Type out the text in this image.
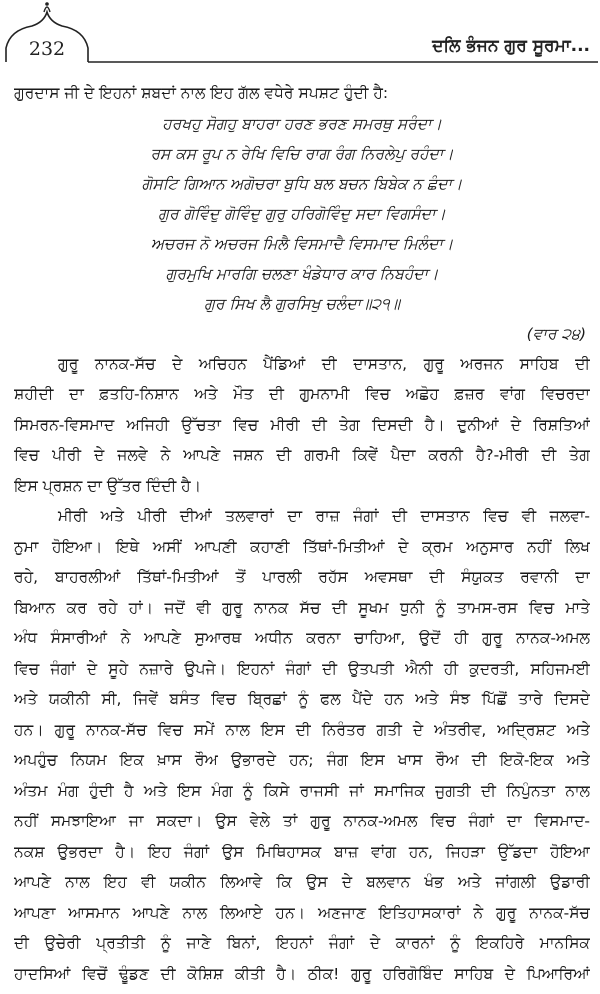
232	ਦਲਿ ਭੰਜਨ ਗੁਰ ਸੂਰਮਾ...
ਗੁਰਦਾਸ ਜੀ ਦੇ ਇਹਨਾਂ ਸ਼ਬਦਾਂ ਨਾਲ ਇਹ ਗੱਲ ਵਧੇਰੇ ਸਪਸ਼ਟ ਹੁੰਦੀ ਹੈ:
ਹਰਖਹੁ ਸੋਗਹੁ ਬਾਹਰਾ ਹਰਣ ਭਰਣ ਸਮਰਥੁ ਸਰੰਦਾ।
ਰਸ ਕਸ ਰੂਪ ਨ ਰੇਖਿ ਵਿਚਿ ਰਾਗ ਰੰਗ ਨਿਰਲੇਪੁ ਰਹੰਦਾ।
ਗੋਸਟਿ ਗਿਆਨ ਅਗੋਚਰਾ ਬੁਧਿ ਬਲ ਬਚਨ ਬਿਬੇਕ ਨ ਛੰਦਾ।
ਗੁਰ ਗੋਵਿੰਦੁ ਗੋਵਿੰਦੁ ਗੁਰੁ ਹਰਿਗੋਵਿੰਦੁ ਸਦਾ ਵਿਗਸੰਦਾ।
ਅਚਰਜ ਨੋ ਅਚਰਜ ਮਿਲੈ ਵਿਸਮਾਦੈ ਵਿਸਮਾਦ ਮਿਲੰਦਾ।
ਗੁਰਮੁਖਿ ਮਾਰਗਿ ਚਲਣਾ ਖੰਡੇਧਾਰ ਕਾਰ ਨਿਬਹੰਦਾ।
ਗੁਰ ਸਿਖ ਲੈ ਗੁਰਸਿਖੁ ਚਲੰਦਾ॥੨੧॥
(ਵਾਰ ੨੪)
ਗੁਰੂ ਨਾਨਕ-ਸੱਚ ਦੇ ਅਚਿਹਨ ਪੈਂਡਿਆਂ ਦੀ ਦਾਸਤਾਨ, ਗੁਰੂ ਅਰਜਨ ਸਾਹਿਬ ਦੀ
ਸ਼ਹੀਦੀ ਦਾ ਫ਼ਤਹਿ-ਨਿਸ਼ਾਨ ਅਤੇ ਮੌਤ ਦੀ ਗੁਮਨਾਮੀ ਵਿਚ ਅਛੋਹ ਫ਼ਜ਼ਰ ਵਾਂਗ ਵਿਚਰਦਾ
ਸਿਮਰਨ-ਵਿਸਮਾਦ ਅਜਿਹੀ ਉੱਚਤਾ ਵਿਚ ਮੀਰੀ ਦੀ ਤੇਗ ਦਿਸਦੀ ਹੈ। ਦੁਨੀਆਂ ਦੇ ਰਿਸ਼ਤਿਆਂ
ਵਿਚ ਪੀਰੀ ਦੇ ਜਲਵੇ ਨੇ ਆਪਣੇ ਜਸ਼ਨ ਦੀ ਗਰਮੀ ਕਿਵੇਂ ਪੈਦਾ ਕਰਨੀ ਹੈ?-ਮੀਰੀ ਦੀ ਤੇਗ
ਇਸ ਪ੍ਰਸ਼ਨ ਦਾ ਉੱਤਰ ਦਿੰਦੀ ਹੈ।
ਮੀਰੀ ਅਤੇ ਪੀਰੀ ਦੀਆਂ ਤਲਵਾਰਾਂ ਦਾ ਰਾਜ਼ ਜੰਗਾਂ ਦੀ ਦਾਸਤਾਨ ਵਿਚ ਵੀ ਜਲਵਾ-
ਨੁਮਾ ਹੋਇਆ। ਇਥੇ ਅਸੀਂ ਆਪਣੀ ਕਹਾਣੀ ਤਿੱਥਾਂ-ਮਿਤੀਆਂ ਦੇ ਕ੍ਰਮ ਅਨੁਸਾਰ ਨਹੀਂ ਲਿਖ
ਰਹੇ, ਬਾਹਰਲੀਆਂ ਤਿੱਥਾਂ-ਮਿਤੀਆਂ ਤੋਂ ਪਾਰਲੀ ਰਹੱਸ ਅਵਸਥਾ ਦੀ ਸੰਯੁਕਤ ਰਵਾਨੀ ਦਾ
ਬਿਆਨ ਕਰ ਰਹੇ ਹਾਂ। ਜਦੋਂ ਵੀ ਗੁਰੂ ਨਾਨਕ ਸੱਚ ਦੀ ਸੂਖਮ ਧੁਨੀ ਨੂੰ ਤਾਮਸ-ਰਸ ਵਿਚ ਮਾਤੇ
ਅੰਧ ਸੰਸਾਰੀਆਂ ਨੇ ਆਪਣੇ ਸੁਆਰਥ ਅਧੀਨ ਕਰਨਾ ਚਾਹਿਆ, ਉਦੋਂ ਹੀ ਗੁਰੂ ਨਾਨਕ-ਅਮਲ
ਵਿਚ ਜੰਗਾਂ ਦੇ ਸੂਹੇ ਨਜ਼ਾਰੇ ਉਪਜੇ। ਇਹਨਾਂ ਜੰਗਾਂ ਦੀ ਉਤਪਤੀ ਐਨੀ ਹੀ ਕੁਦਰਤੀ, ਸਹਿਜਮਈ
ਅਤੇ ਯਕੀਨੀ ਸੀ, ਜਿਵੇਂ ਬਸੰਤ ਵਿਚ ਬ੍ਰਿਛਾਂ ਨੂੰ ਫਲ ਪੈਂਦੇ ਹਨ ਅਤੇ ਸੰਝ ਪਿੱਛੋਂ ਤਾਰੇ ਦਿਸਦੇ
ਹਨ। ਗੁਰੂ ਨਾਨਕ-ਸੱਚ ਵਿਚ ਸਮੇਂ ਨਾਲ ਇਸ ਦੀ ਨਿਰੰਤਰ ਗਤੀ ਦੇ ਅੰਤਰੀਵ, ਅਦ੍ਰਿਸ਼ਟ ਅਤੇ
ਅਪਹੁੰਚ ਨਿਯਮ ਇਕ ਖ਼ਾਸ ਰੌਅ ਉਭਾਰਦੇ ਹਨ; ਜੰਗ ਇਸ ਖਾਸ ਰੌਅ ਦੀ ਇਕੋ-ਇਕ ਅਤੇ
ਅੰਤਮ ਮੰਗ ਹੁੰਦੀ ਹੈ ਅਤੇ ਇਸ ਮੰਗ ਨੂੰ ਕਿਸੇ ਰਾਜਸੀ ਜਾਂ ਸਮਾਜਿਕ ਜੁਗਤੀ ਦੀ ਨਿਪੁੰਨਤਾ ਨਾਲ
ਨਹੀਂ ਸਮਝਾਇਆ ਜਾ ਸਕਦਾ। ਉਸ ਵੇਲੇ ਤਾਂ ਗੁਰੂ ਨਾਨਕ-ਅਮਲ ਵਿਚ ਜੰਗਾਂ ਦਾ ਵਿਸਮਾਦ-
ਨਕਸ਼ ਉਭਰਦਾ ਹੈ। ਇਹ ਜੰਗਾਂ ਉਸ ਮਿਥਿਹਾਸਕ ਬਾਜ਼ ਵਾਂਗ ਹਨ, ਜਿਹੜਾ ਉੱਡਦਾ ਹੋਇਆ
ਆਪਣੇ ਨਾਲ ਇਹ ਵੀ ਯਕੀਨ ਲਿਆਵੇ ਕਿ ਉਸ ਦੇ ਬਲਵਾਨ ਖੰਭ ਅਤੇ ਜਾਂਗਲੀ ਉਡਾਰੀ
ਆਪਣਾ ਆਸਮਾਨ ਆਪਣੇ ਨਾਲ ਲਿਆਏ ਹਨ। ਅਣਜਾਣ ਇਤਿਹਾਸਕਾਰਾਂ ਨੇ ਗੁਰੂ ਨਾਨਕ-ਸੱਚ
ਦੀ ਉਚੇਰੀ ਪ੍ਰਤੀਤੀ ਨੂੰ ਜਾਣੇ ਬਿਨਾਂ, ਇਹਨਾਂ ਜੰਗਾਂ ਦੇ ਕਾਰਨਾਂ ਨੂੰ ਇਕਹਿਰੇ ਮਾਨਸਿਕ
ਹਾਦਸਿਆਂ ਵਿਚੋਂ ਢੂੰਡਣ ਦੀ ਕੋਸ਼ਿਸ਼ ਕੀਤੀ ਹੈ। ਠੀਕ! ਗੁਰੂ ਹਰਿਗੋਬਿੰਦ ਸਾਹਿਬ ਦੇ ਪਿਆਰਿਆਂ
